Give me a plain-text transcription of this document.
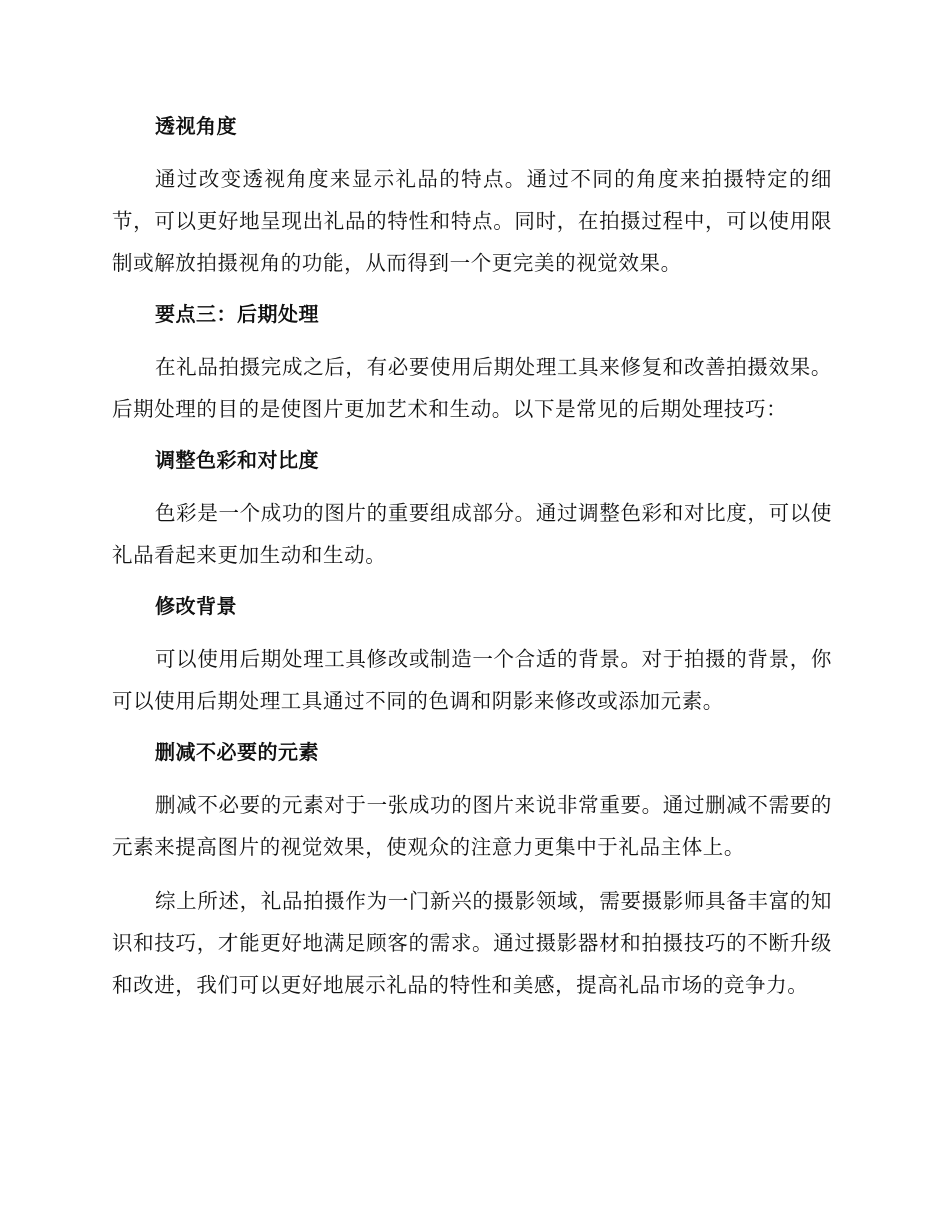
透视角度

通过改变透视角度来显示礼品的特点。通过不同的角度来拍摄特定的细节，可以更好地呈现出礼品的特性和特点。同时，在拍摄过程中，可以使用限制或解放拍摄视角的功能，从而得到一个更完美的视觉效果。

要点三：后期处理

在礼品拍摄完成之后，有必要使用后期处理工具来修复和改善拍摄效果。后期处理的目的是使图片更加艺术和生动。以下是常见的后期处理技巧：

调整色彩和对比度

色彩是一个成功的图片的重要组成部分。通过调整色彩和对比度，可以使礼品看起来更加生动和生动。

修改背景

可以使用后期处理工具修改或制造一个合适的背景。对于拍摄的背景，你可以使用后期处理工具通过不同的色调和阴影来修改或添加元素。

删减不必要的元素

删减不必要的元素对于一张成功的图片来说非常重要。通过删减不需要的元素来提高图片的视觉效果，使观众的注意力更集中于礼品主体上。

综上所述，礼品拍摄作为一门新兴的摄影领域，需要摄影师具备丰富的知识和技巧，才能更好地满足顾客的需求。通过摄影器材和拍摄技巧的不断升级和改进，我们可以更好地展示礼品的特性和美感，提高礼品市场的竞争力。
